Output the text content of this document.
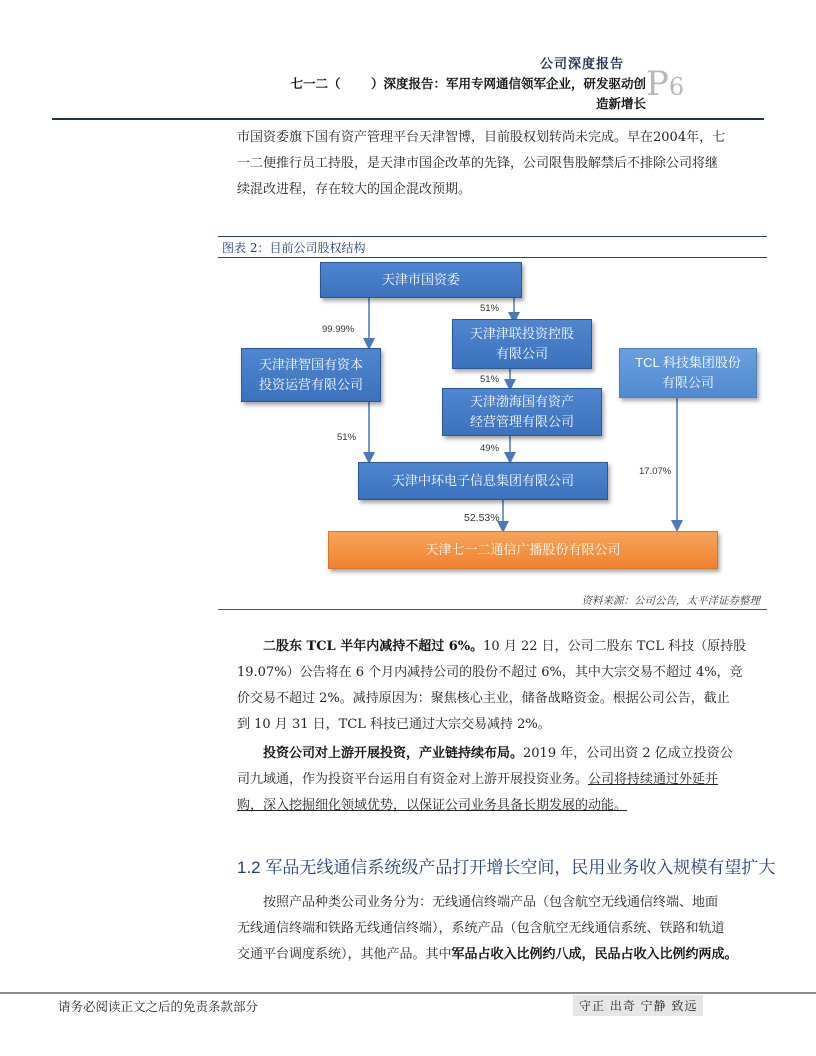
公司深度报告
七一二（       ）深度报告：军用专网通信领军企业，研发驱动创
造新增长 P6
市国资委旗下国有资产管理平台天津智博，目前股权划转尚未完成。早在2004年，七
一二便推行员工持股，是天津市国企改革的先锋，公司限售股解禁后不排除公司将继
续混改进程，存在较大的国企混改预期。
图表 2：目前公司股权结构
天津市国资委
天津津联投资控股
有限公司
天津津智国有资本
投资运营有限公司
TCL 科技集团股份
有限公司
天津渤海国有资产
经营管理有限公司
天津中环电子信息集团有限公司
天津七一二通信广播股份有限公司
99.99%
51%
51%
51%
49%
17.07%
52.53%
资料来源：公司公告，太平洋证券整理
二股东 TCL 半年内减持不超过 6%。10 月 22 日，公司二股东 TCL 科技（原持股
19.07%）公告将在 6 个月内减持公司的股份不超过 6%，其中大宗交易不超过 4%，竞
价交易不超过 2%。减持原因为：聚焦核心主业，储备战略资金。根据公司公告，截止
到 10 月 31 日，TCL 科技已通过大宗交易减持 2%。
投资公司对上游开展投资，产业链持续布局。2019 年，公司出资 2 亿成立投资公
司九域通，作为投资平台运用自有资金对上游开展投资业务。公司将持续通过外延并
购，深入挖掘细化领域优势，以保证公司业务具备长期发展的动能。
1.2 军品无线通信系统级产品打开增长空间，民用业务收入规模有望扩大
按照产品种类公司业务分为：无线通信终端产品（包含航空无线通信终端、地面
无线通信终端和铁路无线通信终端），系统产品（包含航空无线通信系统、铁路和轨道
交通平台调度系统），其他产品。其中军品占收入比例约八成，民品占收入比例约两成。
请务必阅读正文之后的免责条款部分	守正 出奇 宁静 致远
